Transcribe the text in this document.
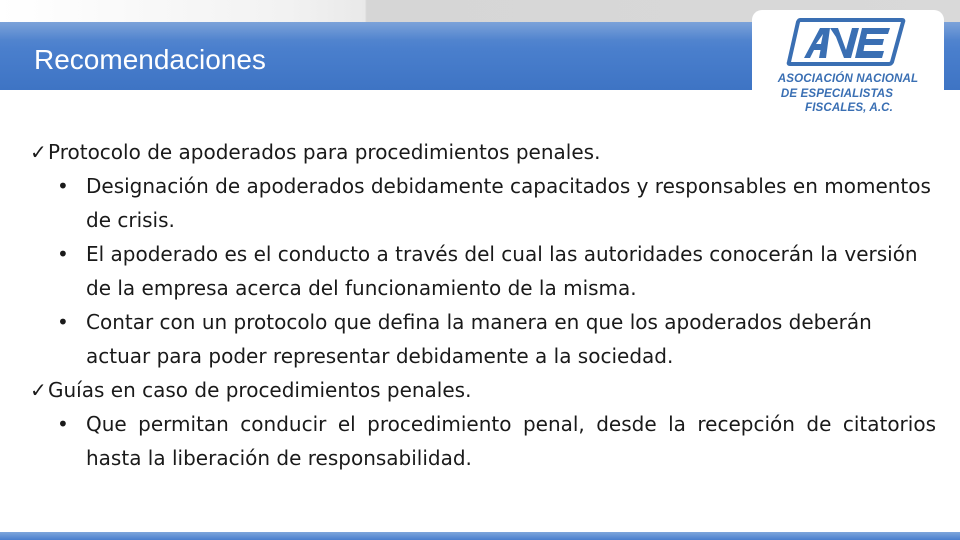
Recomendaciones
ASOCIACIÓN NACIONAL
DE ESPECIALISTAS
FISCALES, A.C.
✓ Protocolo de apoderados para procedimientos penales.
• Designación de apoderados debidamente capacitados y responsables en momentos de crisis.
• El apoderado es el conducto a través del cual las autoridades conocerán la versión de la empresa acerca del funcionamiento de la misma.
• Contar con un protocolo que defina la manera en que los apoderados deberán actuar para poder representar debidamente a la sociedad.
✓ Guías en caso de procedimientos penales.
• Que permitan conducir el procedimiento penal, desde la recepción de citatorios hasta la liberación de responsabilidad.
